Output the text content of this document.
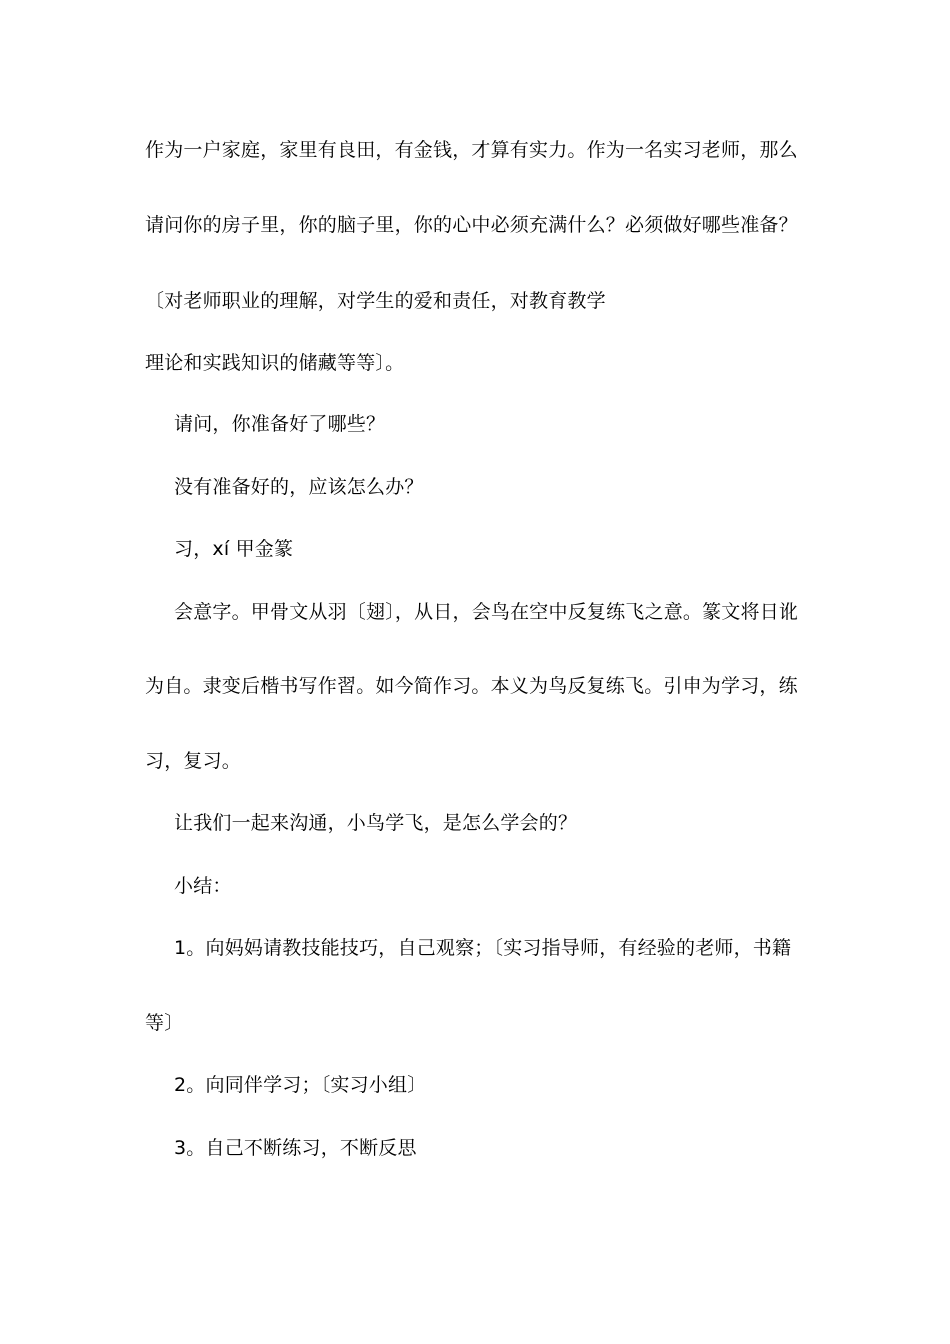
作为一户家庭，家里有良田，有金钱，才算有实力。作为一名实习老师，那么

请问你的房子里，你的脑子里，你的心中必须充满什么？必须做好哪些准备？

〔对老师职业的理解，对学生的爱和责任，对教育教学

理论和实践知识的储藏等等〕。

请问，你准备好了哪些？

没有准备好的，应该怎么办？

习，xí 甲金篆

会意字。甲骨文从羽〔翅〕，从日，会鸟在空中反复练飞之意。篆文将日讹

为自。隶变后楷书写作習。如今简作习。本义为鸟反复练飞。引申为学习，练

习，复习。

让我们一起来沟通，小鸟学飞，是怎么学会的？

小结：

1。向妈妈请教技能技巧，自己观察；〔实习指导师，有经验的老师，书籍

等〕

2。向同伴学习；〔实习小组〕

3。自己不断练习，不断反思
